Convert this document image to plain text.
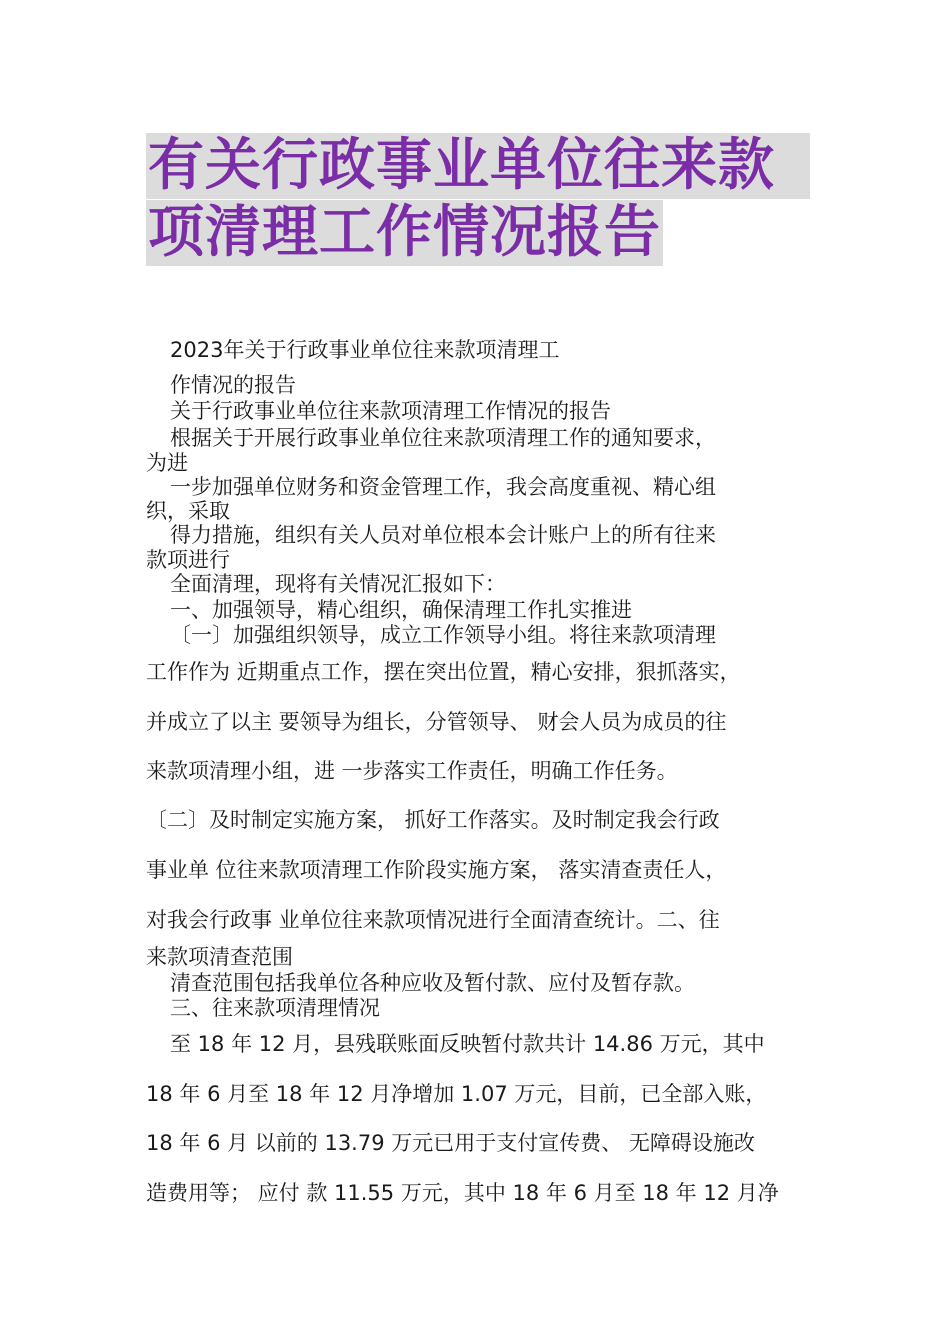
有关行政事业单位往来款
项清理工作情况报告
2023年关于行政事业单位往来款项清理工
作情况的报告
关于行政事业单位往来款项清理工作情况的报告
根据关于开展行政事业单位往来款项清理工作的通知要求，
为进
一步加强单位财务和资金管理工作，我会高度重视、精心组
织，采取
得力措施，组织有关人员对单位根本会计账户上的所有往来
款项进行
全面清理，现将有关情况汇报如下：
一、加强领导，精心组织，确保清理工作扎实推进
〔一〕加强组织领导，成立工作领导小组。将往来款项清理
工作作为 近期重点工作，摆在突出位置，精心安排，狠抓落实，
并成立了以主 要领导为组长，分管领导、 财会人员为成员的往
来款项清理小组，进 一步落实工作责任，明确工作任务。
〔二〕及时制定实施方案， 抓好工作落实。及时制定我会行政
事业单 位往来款项清理工作阶段实施方案， 落实清查责任人，
对我会行政事 业单位往来款项情况进行全面清查统计。二、往
来款项清查范围
清查范围包括我单位各种应收及暂付款、应付及暂存款。
三、往来款项清理情况
至 18 年 12 月，县残联账面反映暂付款共计 14.86 万元，其中
18 年 6 月至 18 年 12 月净增加 1.07 万元，目前，已全部入账，
18 年 6 月 以前的 13.79 万元已用于支付宣传费、 无障碍设施改
造费用等； 应付 款 11.55 万元，其中 18 年 6 月至 18 年 12 月净
